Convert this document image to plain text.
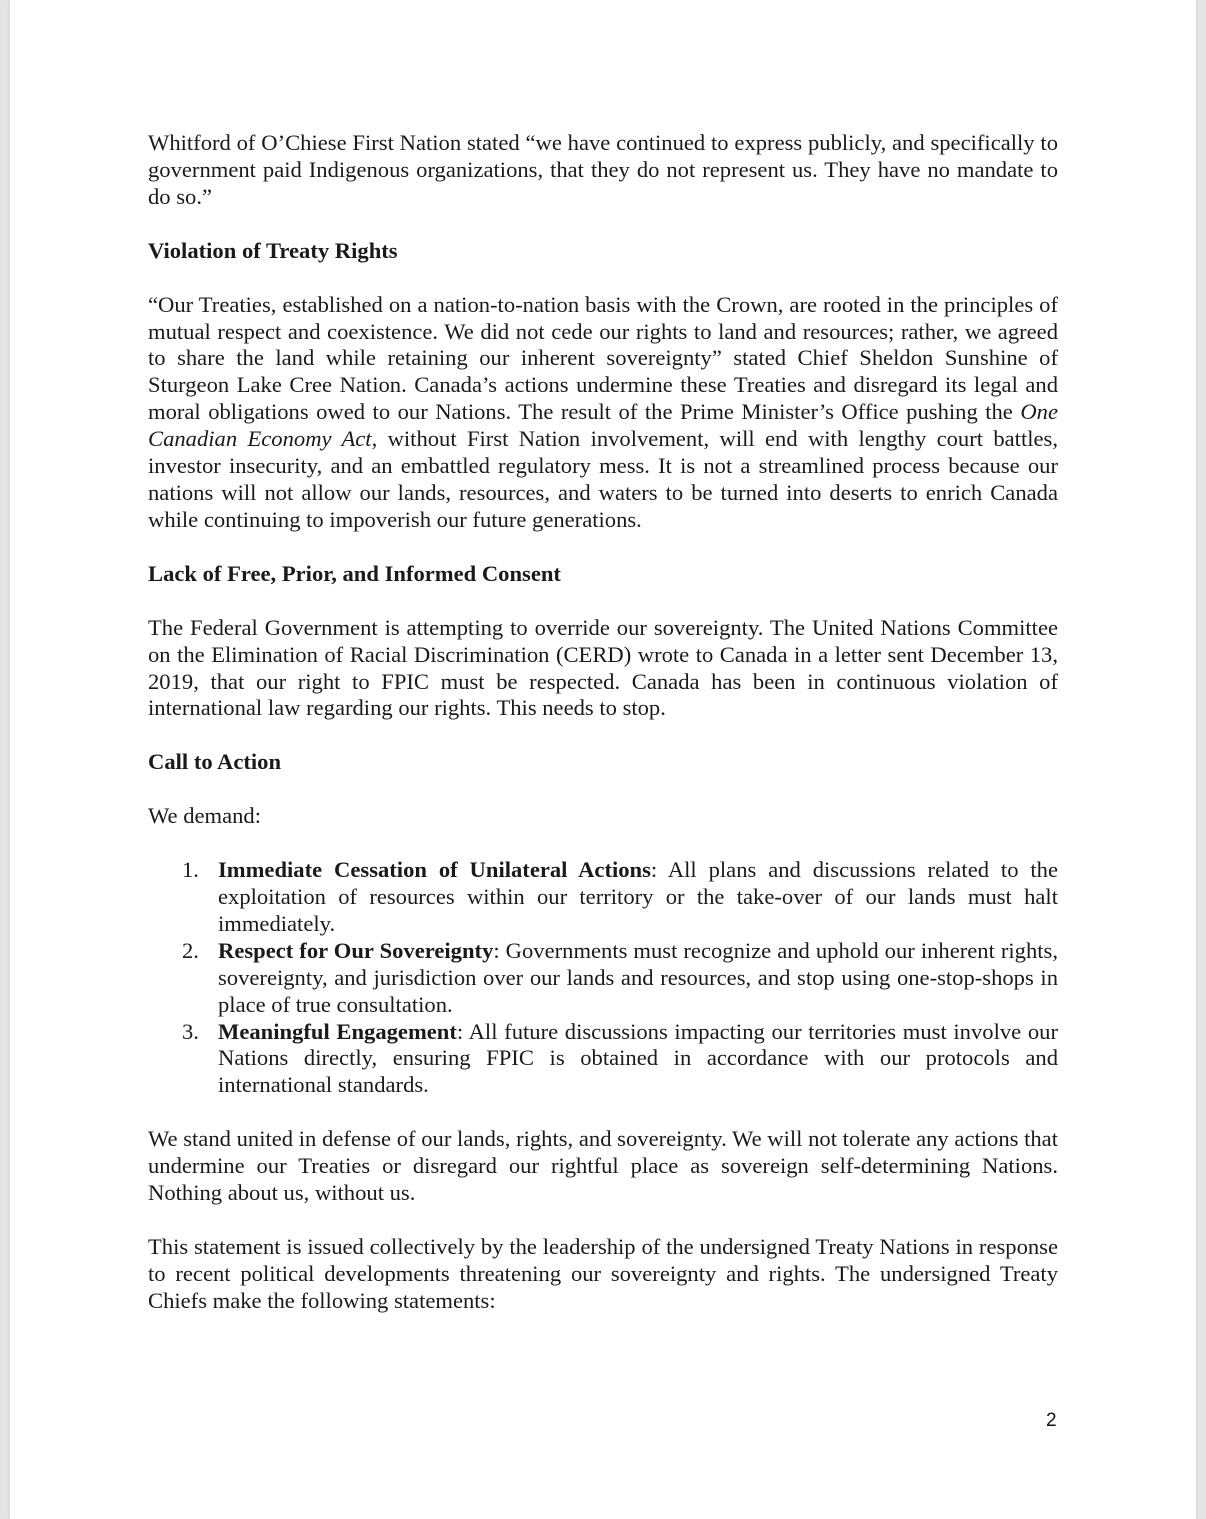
Whitford of O’Chiese First Nation stated “we have continued to express publicly, and specifically to government paid Indigenous organizations, that they do not represent us. They have no mandate to do so.”

Violation of Treaty Rights

“Our Treaties, established on a nation-to-nation basis with the Crown, are rooted in the principles of mutual respect and coexistence. We did not cede our rights to land and resources; rather, we agreed to share the land while retaining our inherent sovereignty” stated Chief Sheldon Sunshine of Sturgeon Lake Cree Nation. Canada’s actions undermine these Treaties and disregard its legal and moral obligations owed to our Nations. The result of the Prime Minister’s Office pushing the One Canadian Economy Act, without First Nation involvement, will end with lengthy court battles, investor insecurity, and an embattled regulatory mess. It is not a streamlined process because our nations will not allow our lands, resources, and waters to be turned into deserts to enrich Canada while continuing to impoverish our future generations.

Lack of Free, Prior, and Informed Consent

The Federal Government is attempting to override our sovereignty. The United Nations Committee on the Elimination of Racial Discrimination (CERD) wrote to Canada in a letter sent December 13, 2019, that our right to FPIC must be respected. Canada has been in continuous violation of international law regarding our rights. This needs to stop.

Call to Action

We demand:

1. Immediate Cessation of Unilateral Actions: All plans and discussions related to the exploitation of resources within our territory or the take-over of our lands must halt immediately.
2. Respect for Our Sovereignty: Governments must recognize and uphold our inherent rights, sovereignty, and jurisdiction over our lands and resources, and stop using one-stop-shops in place of true consultation.
3. Meaningful Engagement: All future discussions impacting our territories must involve our Nations directly, ensuring FPIC is obtained in accordance with our protocols and international standards.

We stand united in defense of our lands, rights, and sovereignty. We will not tolerate any actions that undermine our Treaties or disregard our rightful place as sovereign self-determining Nations. Nothing about us, without us.

This statement is issued collectively by the leadership of the undersigned Treaty Nations in response to recent political developments threatening our sovereignty and rights. The undersigned Treaty Chiefs make the following statements:

2
